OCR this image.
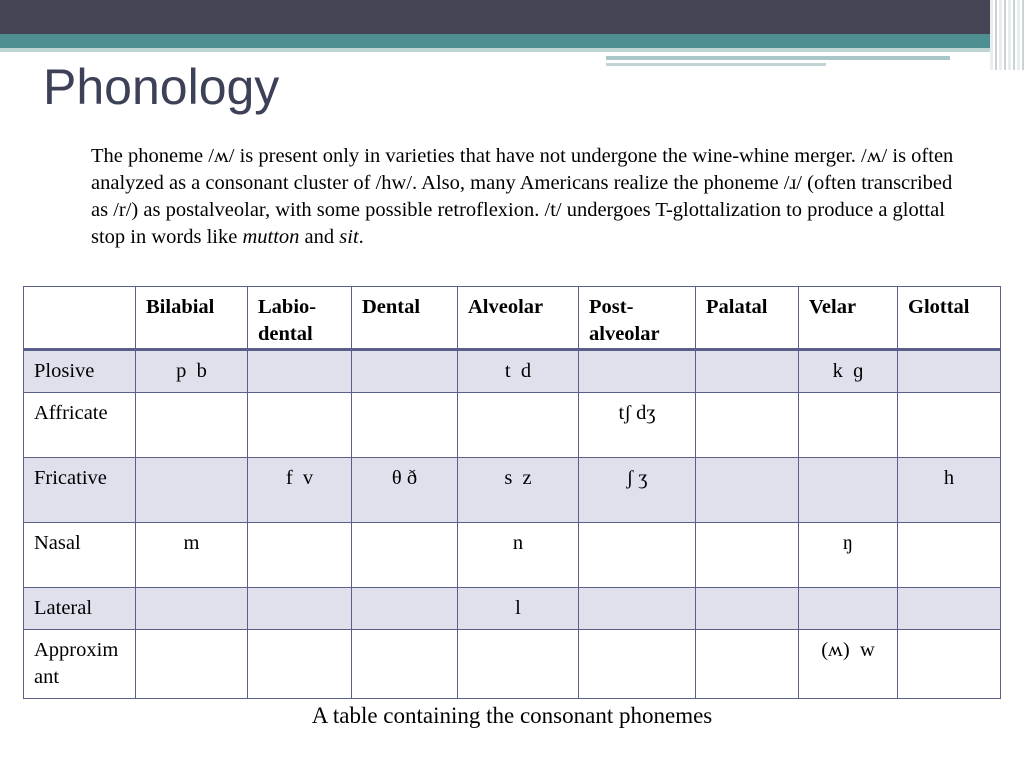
Phonology

The phoneme /ʍ/ is present only in varieties that have not undergone the wine-whine merger. /ʍ/ is often analyzed as a consonant cluster of /hw/. Also, many Americans realize the phoneme /ɹ/ (often transcribed as /r/) as postalveolar, with some possible retroflexion. /t/ undergoes T-glottalization to produce a glottal stop in words like mutton and sit.

	Bilabial	Labio-dental	Dental	Alveolar	Post-alveolar	Palatal	Velar	Glottal
Plosive	p  b			t  d			k  ɡ	
Affricate					tʃ dʒ			
Fricative		f  v	θ ð	s  z	ʃ ʒ			h
Nasal	m			n			ŋ	
Lateral				l				
Approximant							(ʍ)  w	
A table containing the consonant phonemes
